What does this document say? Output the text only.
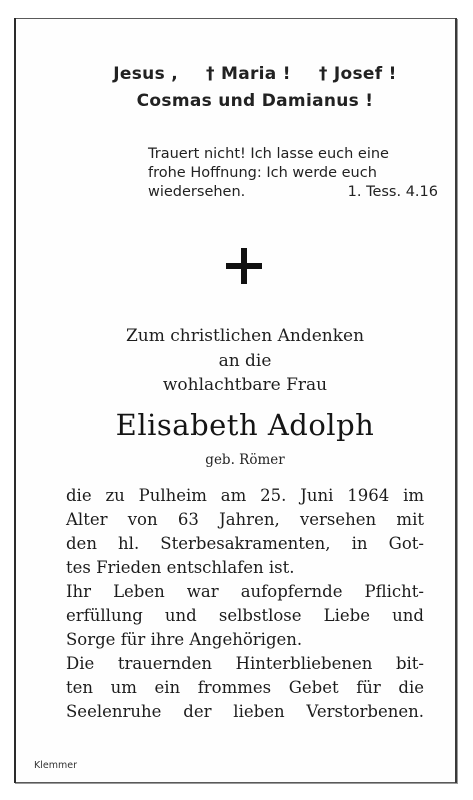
Jesus , † Maria ! † Josef !
Cosmas und Damianus !
Trauert nicht! Ich lasse euch eine
frohe Hoffnung: Ich werde euch
wiedersehen.	1. Tess. 4.16
Zum christlichen Andenken
an die
wohlachtbare Frau
Elisabeth Adolph
geb. Römer
die zu Pulheim am 25. Juni 1964 im
Alter von 63 Jahren, versehen mit
den hl. Sterbesakramenten, in Got-
tes Frieden entschlafen ist.
Ihr Leben war aufopfernde Pflicht-
erfüllung und selbstlose Liebe und
Sorge für ihre Angehörigen.
Die trauernden Hinterbliebenen bit-
ten um ein frommes Gebet für die
Seelenruhe der lieben Verstorbenen.
Klemmer
